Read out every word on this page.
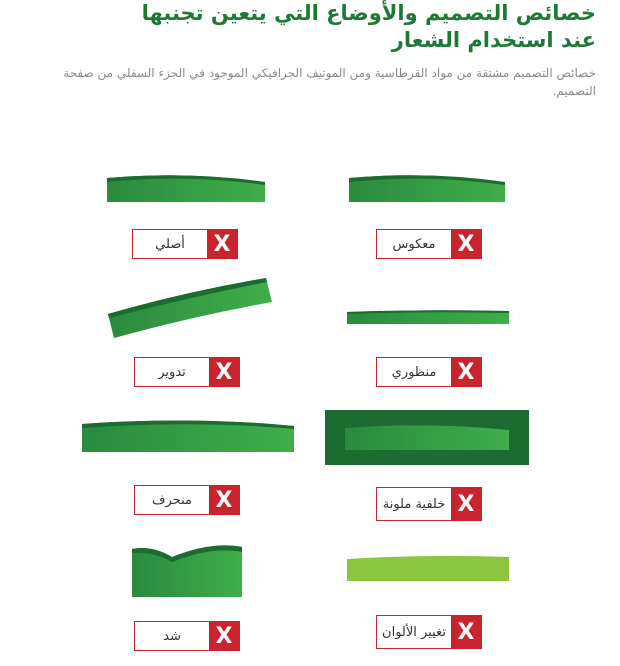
خصائص التصميم والأوضاع التي يتعين تجنبها
عند استخدام الشعار
خصائص التصميم مشتقة من مواد القرطاسية ومن الموتيف الجرافيكي الموجود في الجزء السفلي من صفحة التصميم.
أصلي	X	معكوس	X
تدوير	X	منظوري X
منحرف	X	خلفية ملونة X
شد	X	تغيير الألوان X
